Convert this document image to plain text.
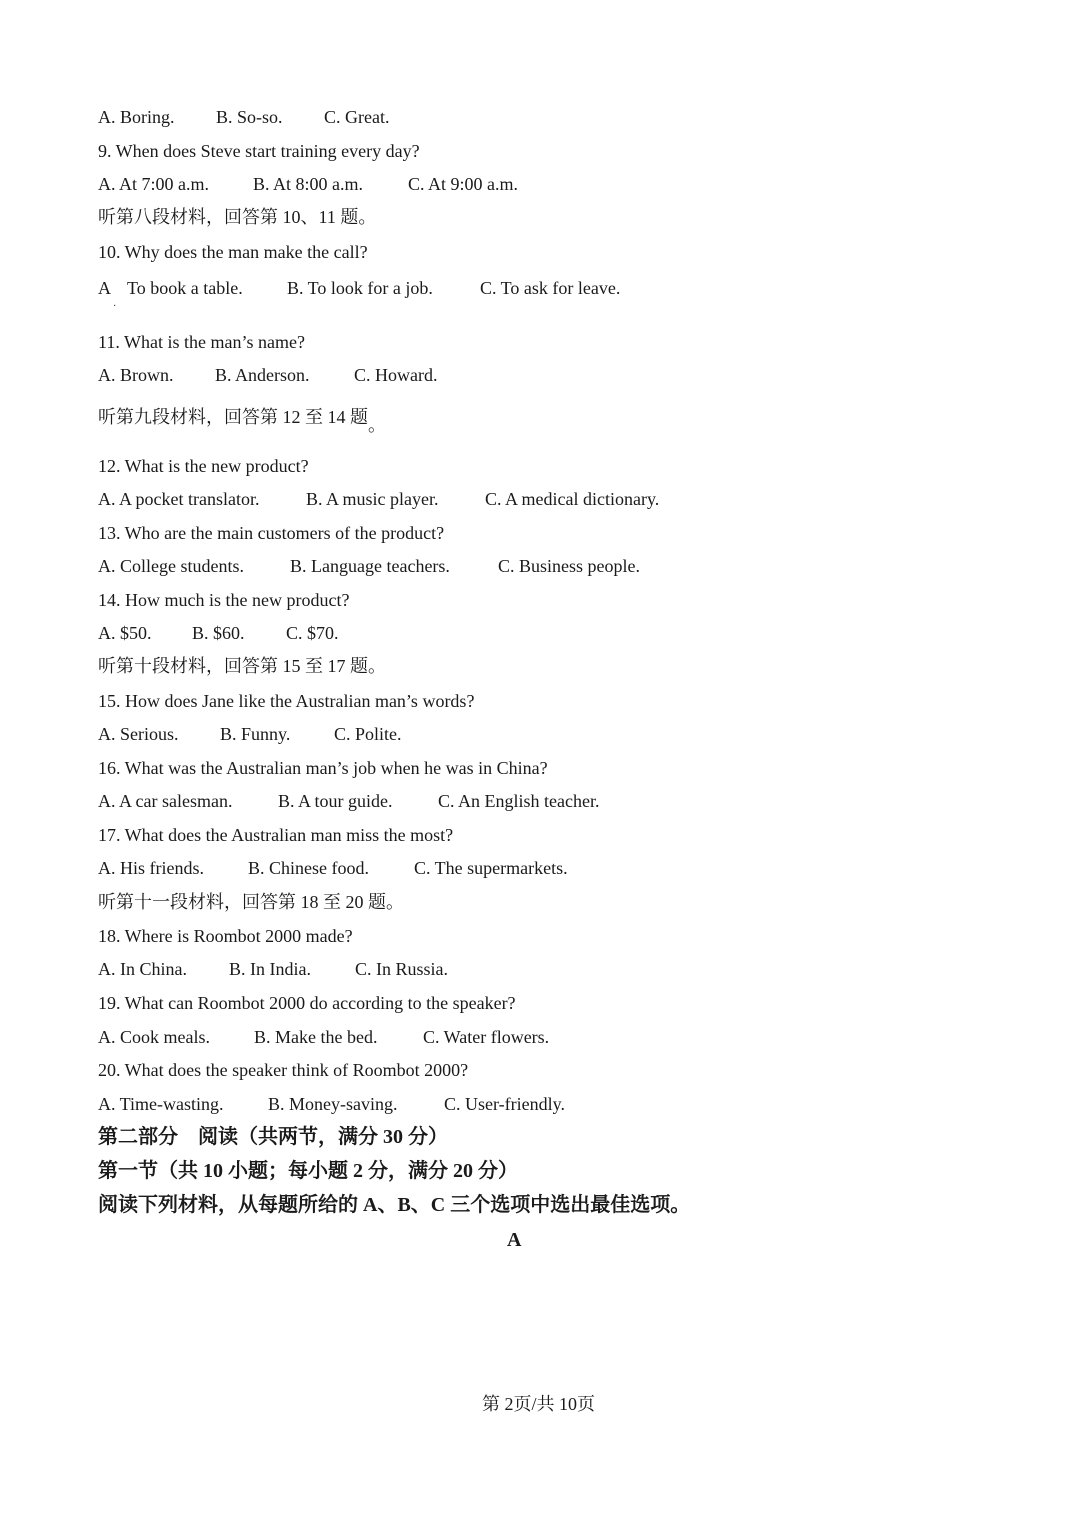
A. Boring. B. So-so. C. Great.
9. When does Steve start training every day?
A. At 7:00 a.m. B. At 8:00 a.m. C. At 9:00 a.m.
听第八段材料，回答第 10、11 题。
10. Why does the man make the call?
A To book a table. B. To look for a job.	C. To ask for leave.
·
11. What is the man’s name?
A. Brown. B. Anderson. C. Howard.
听第九段材料，回答第 12 至 14 题。
12. What is the new product?
A. A pocket translator.	B. A music player.	C. A medical dictionary.
13. Who are the main customers of the product?
A. College students.	B. Language teachers.	C. Business people.
14. How much is the new product?
A. $50. B. $60. C. $70.
听第十段材料，回答第 15 至 17 题。
15. How does Jane like the Australian man’s words?
A. Serious. B. Funny. C. Polite.
16. What was the Australian man’s job when he was in China?
A. A car salesman.	B. A tour guide.	C. An English teacher.
17. What does the Australian man miss the most?
A. His friends. B. Chinese food.	C. The supermarkets.
听第十一段材料，回答第 18 至 20 题。
18. Where is Roombot 2000 made?
A. In China. B. In India. C. In Russia.
19. What can Roombot 2000 do according to the speaker?
A. Cook meals. B. Make the bed.	C. Water flowers.
20. What does the speaker think of Roombot 2000?
A. Time-wasting. B. Money-saving.	C. User-friendly.
第二部分　阅读（共两节，满分 30 分）
第一节（共 10 小题；每小题 2 分，满分 20 分）
阅读下列材料，从每题所给的 A、B、C 三个选项中选出最佳选项。
A
第 2页/共 10页
